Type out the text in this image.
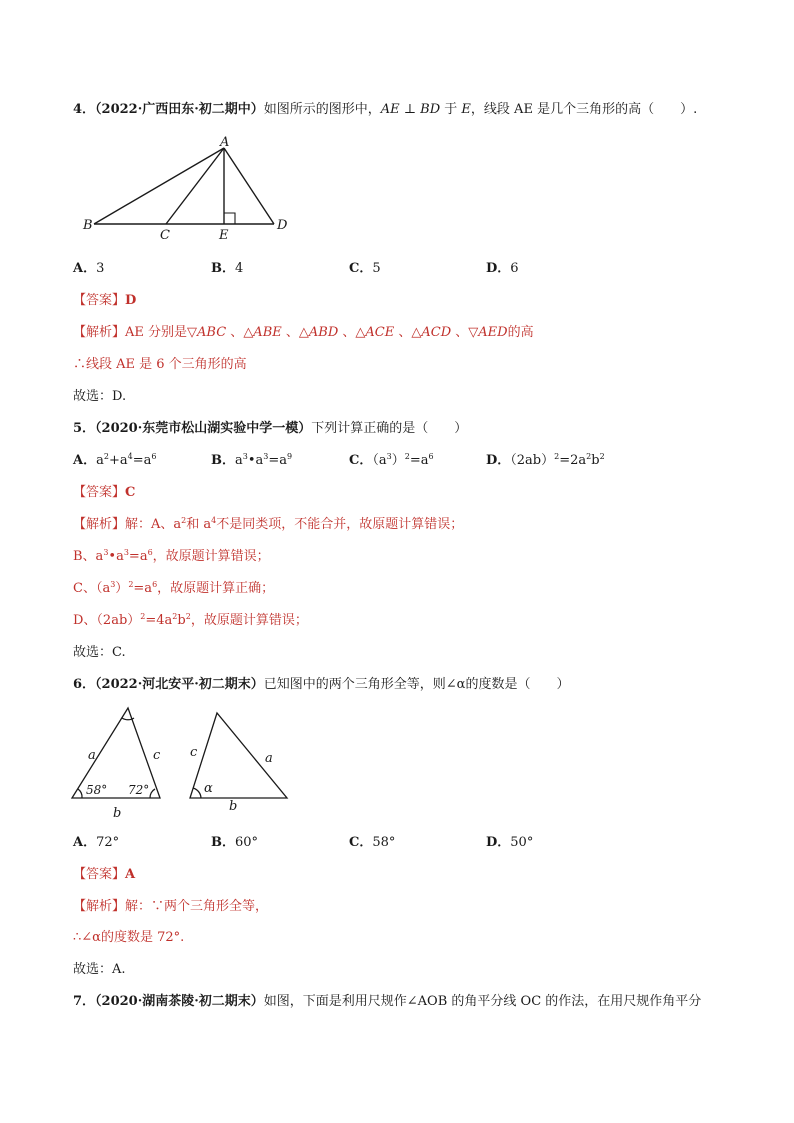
4．（2022·广西田东·初二期中）如图所示的图形中，AE ⊥ BD 于 E，线段 AE 是几个三角形的高（　　）.
A
B
C	E
D
A．3	B．4	C．5	D．6
【答案】D
【解析】AE 分别是▽ABC 、△ABE 、△ABD 、△ACE 、△ACD 、▽AED的高
∴线段 AE 是 6 个三角形的高
故选：D.
5．（2020·东莞市松山湖实验中学一模）下列计算正确的是（　　）
A．$a^2+a^4=a^6$	B．$a^3•a^3=a^9$	C．$(a^3)^2=a^6$	D．$(2ab)^2=2a^2b^2$
【答案】C
【解析】解：A、$a^2$和 $a^4$不是同类项，不能合并，故原题计算错误；
B、$a^3•a^3=a^6$，故原题计算错误；
C、$(a^3)^2=a^6$，故原题计算正确；
D、$(2ab)^2=4a^2b^2$，故原题计算错误；
故选：C.
6．（2022·河北安平·初二期末）已知图中的两个三角形全等，则∠α的度数是（　　）
a	c
b
58° 72°
c	a
b
α
A．72°	B．60°	C．58°	D．50°
【答案】A
【解析】解：∵两个三角形全等，
∴∠α的度数是 72°.
故选：A.
7．（2020·湖南茶陵·初二期末）如图，下面是利用尺规作∠AOB 的角平分线 OC 的作法，在用尺规作角平分
